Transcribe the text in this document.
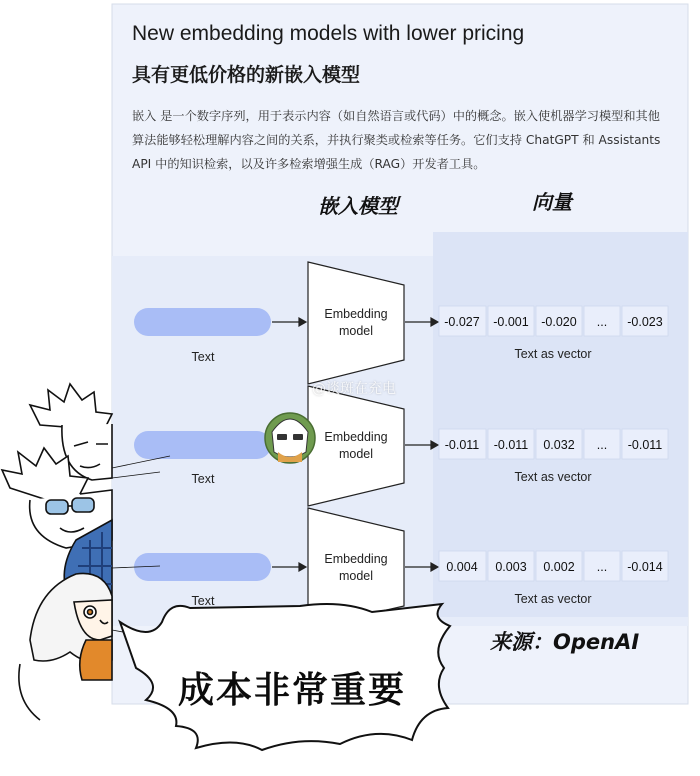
Text
Text
Text
Embedding
model
Embedding
model
Embedding
model
Text as vector
Text as vector
Text as vector
-0.027 -0.001 -0.020 ... -0.023
-0.011 -0.011 0.032 ... -0.011
0.004 0.003 0.002 ... -0.014
New embedding models with lower pricing
具有更低价格的新嵌入模型
嵌入 是一个数字序列，用于表示内容（如自然语言或代码）中的概念。嵌入使机器学习模型和其他算法能够轻松理解内容之间的关系，并执行聚类或检索等任务。它们支持 ChatGPT 和 Assistants API 中的知识检索，以及许多检索增强生成（RAG）开发者工具。
嵌入模型	向量
@谈斑在充电
来源：OpenAI
成本非常重要
